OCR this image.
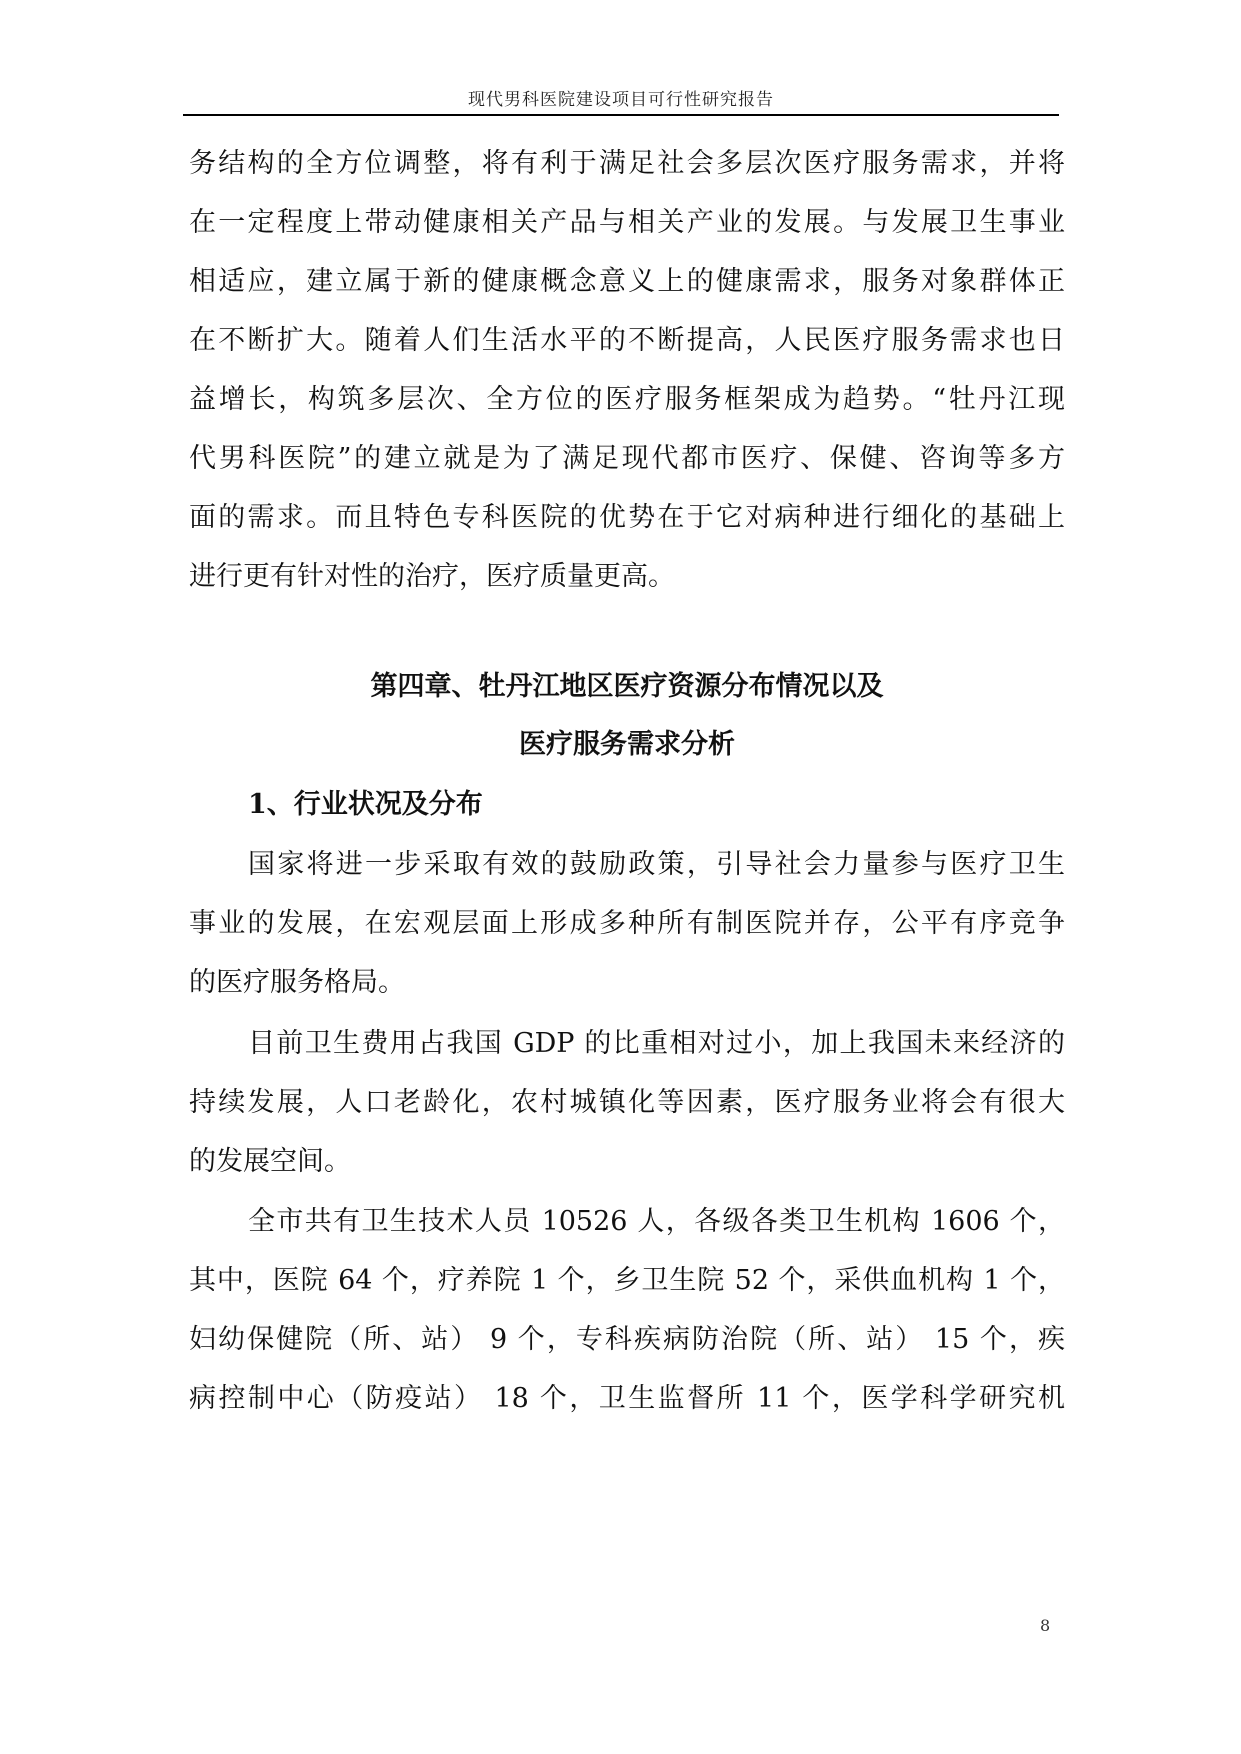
现代男科医院建设项目可行性研究报告
务结构的全方位调整，将有利于满足社会多层次医疗服务需求，并将
在一定程度上带动健康相关产品与相关产业的发展。与发展卫生事业
相适应，建立属于新的健康概念意义上的健康需求，服务对象群体正
在不断扩大。随着人们生活水平的不断提高，人民医疗服务需求也日
益增长，构筑多层次、全方位的医疗服务框架成为趋势。“牡丹江现
代男科医院”的建立就是为了满足现代都市医疗、保健、咨询等多方
面的需求。而且特色专科医院的优势在于它对病种进行细化的基础上
进行更有针对性的治疗，医疗质量更高。
第四章、牡丹江地区医疗资源分布情况以及
医疗服务需求分析
1、行业状况及分布
国家将进一步采取有效的鼓励政策，引导社会力量参与医疗卫生
事业的发展，在宏观层面上形成多种所有制医院并存，公平有序竞争
的医疗服务格局。
目前卫生费用占我国 GDP 的比重相对过小，加上我国未来经济的
持续发展，人口老龄化，农村城镇化等因素，医疗服务业将会有很大
的发展空间。
全市共有卫生技术人员 10526 人，各级各类卫生机构 1606 个，
其中，医院 64 个，疗养院 1 个，乡卫生院 52 个，采供血机构 1 个，
妇幼保健院（所、站） 9 个，专科疾病防治院（所、站） 15 个，疾
病控制中心（防疫站） 18 个，卫生监督所 11 个，医学科学研究机
8
